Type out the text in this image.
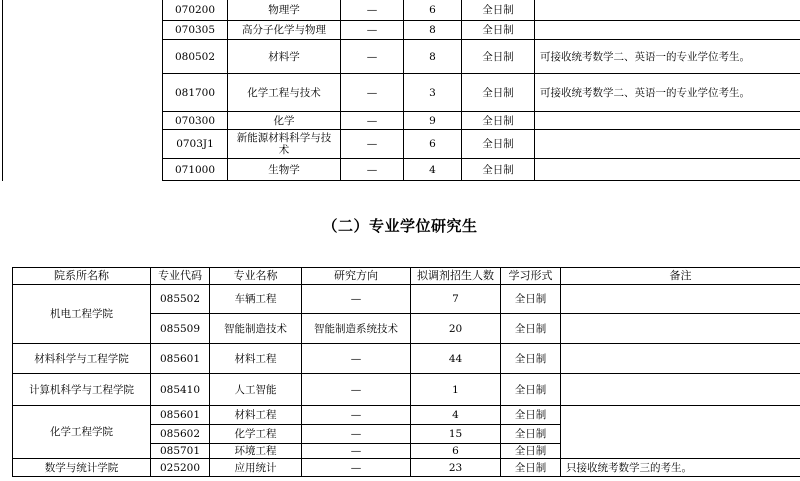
	070200	物理学	—	6	全日制	
	070305	高分子化学与物理	—	8	全日制	
	080502	材料学	—	8	全日制	可接收统考数学二、英语一的专业学位考生。
	081700	化学工程与技术	—	3	全日制	可接收统考数学二、英语一的专业学位考生。
	070300	化学	—	9	全日制	
	0703J1	新能源材料科学与技术	—	6	全日制	
	071000	生物学	—	4	全日制	
（二）专业学位研究生
院系所名称	专业代码	专业名称	研究方向	拟调剂招生人数	学习形式	备注
机电工程学院	085502	车辆工程	—	7	全日制	
	085509	智能制造技术	智能制造系统技术	20	全日制	
材料科学与工程学院	085601	材料工程	—	44	全日制	
计算机科学与工程学院	085410	人工智能	—	1	全日制	
化学工程学院	085601	材料工程	—	4	全日制	
	085602	化学工程	—	15	全日制	
	085701	环境工程	—	6	全日制	
数学与统计学院	025200	应用统计	—	23	全日制	只接收统考数学三的考生。
